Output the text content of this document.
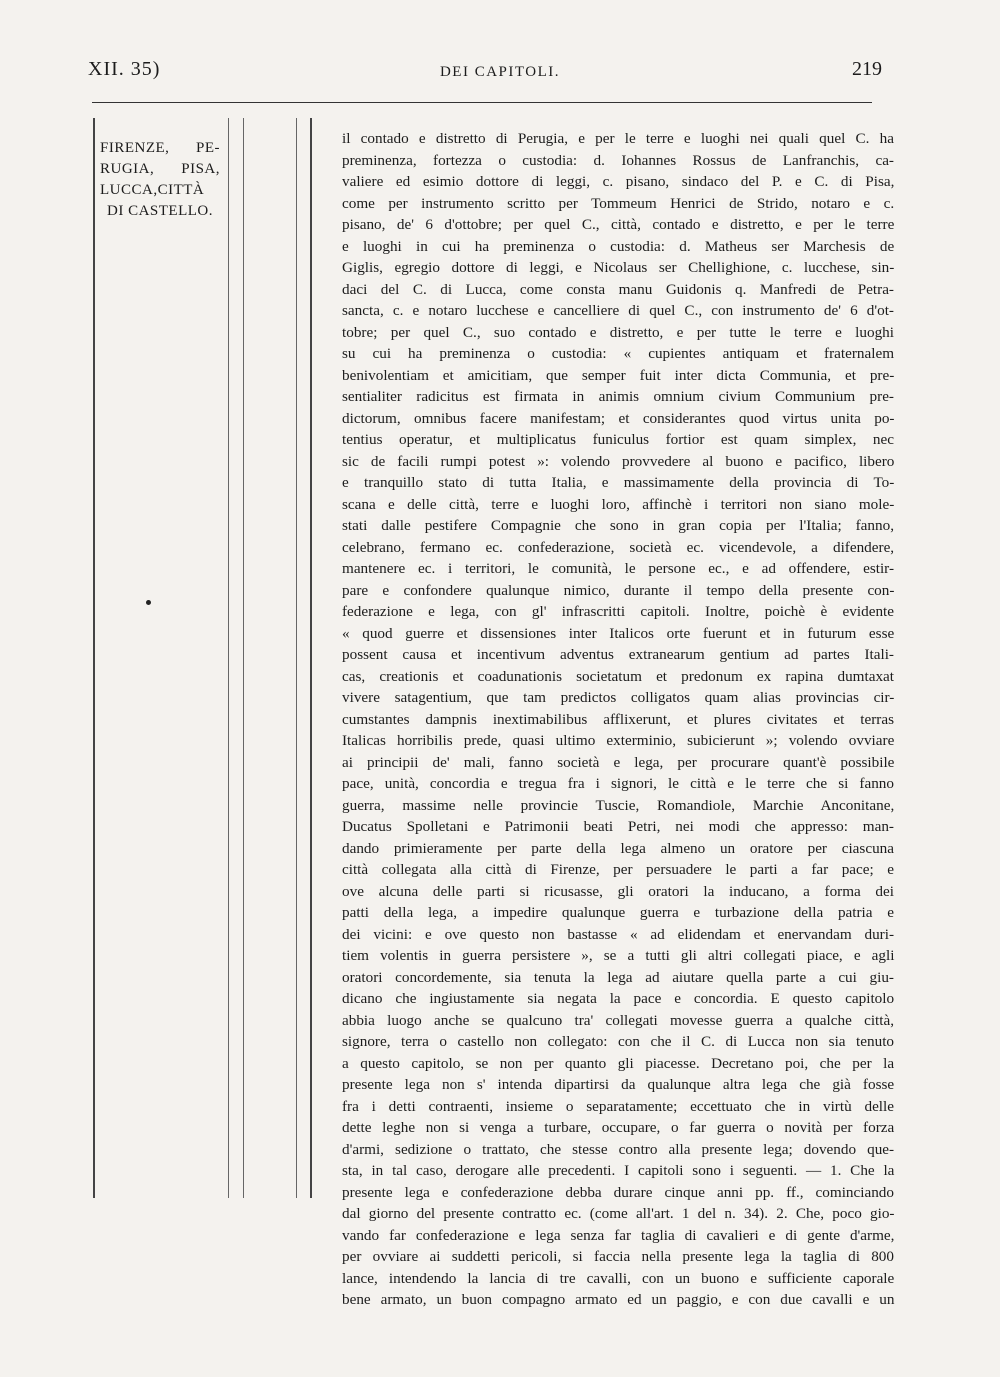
XII. 35)	DEI CAPITOLI.	219
FIRENZE, PE-
RUGIA, PISA,
LUCCA,CITTÀ
DI CASTELLO.
il contado e distretto di Perugia, e per le terre e luoghi nei quali quel C. ha
preminenza, fortezza o custodia: d. Iohannes Rossus de Lanfranchis, ca-
valiere ed esimio dottore di leggi, c. pisano, sindaco del P. e C. di Pisa,
come per instrumento scritto per Tommeum Henrici de Strido, notaro e c.
pisano, de' 6 d'ottobre; per quel C., città, contado e distretto, e per le terre
e luoghi in cui ha preminenza o custodia: d. Matheus ser Marchesis de
Giglis, egregio dottore di leggi, e Nicolaus ser Chellighione, c. lucchese, sin-
daci del C. di Lucca, come consta manu Guidonis q. Manfredi de Petra-
sancta, c. e notaro lucchese e cancelliere di quel C., con instrumento de' 6 d'ot-
tobre; per quel C., suo contado e distretto, e per tutte le terre e luoghi
su cui ha preminenza o custodia: « cupientes antiquam et fraternalem
benivolentiam et amicitiam, que semper fuit inter dicta Communia, et pre-
sentialiter radicitus est firmata in animis omnium civium Communium pre-
dictorum, omnibus facere manifestam; et considerantes quod virtus unita po-
tentius operatur, et multiplicatus funiculus fortior est quam simplex, nec
sic de facili rumpi potest »: volendo provvedere al buono e pacifico, libero
e tranquillo stato di tutta Italia, e massimamente della provincia di To-
scana e delle città, terre e luoghi loro, affinchè i territori non siano mole-
stati dalle pestifere Compagnie che sono in gran copia per l'Italia; fanno,
celebrano, fermano ec. confederazione, società ec. vicendevole, a difendere,
mantenere ec. i territori, le comunità, le persone ec., e ad offendere, estir-
pare e confondere qualunque nimico, durante il tempo della presente con-
federazione e lega, con gl' infrascritti capitoli. Inoltre, poichè è evidente
« quod guerre et dissensiones inter Italicos orte fuerunt et in futurum esse
possent causa et incentivum adventus extranearum gentium ad partes Itali-
cas, creationis et coadunationis societatum et predonum ex rapina dumtaxat
vivere satagentium, que tam predictos colligatos quam alias provincias cir-
cumstantes dampnis inextimabilibus afflixerunt, et plures civitates et terras
Italicas horribilis prede, quasi ultimo exterminio, subicierunt »; volendo ovviare
ai principii de' mali, fanno società e lega, per procurare quant'è possibile
pace, unità, concordia e tregua fra i signori, le città e le terre che si fanno
guerra, massime nelle provincie Tuscie, Romandiole, Marchie Anconitane,
Ducatus Spolletani e Patrimonii beati Petri, nei modi che appresso: man-
dando primieramente per parte della lega almeno un oratore per ciascuna
città collegata alla città di Firenze, per persuadere le parti a far pace; e
ove alcuna delle parti si ricusasse, gli oratori la inducano, a forma dei
patti della lega, a impedire qualunque guerra e turbazione della patria e
dei vicini: e ove questo non bastasse « ad elidendam et enervandam duri-
tiem volentis in guerra persistere », se a tutti gli altri collegati piace, e agli
oratori concordemente, sia tenuta la lega ad aiutare quella parte a cui giu-
dicano che ingiustamente sia negata la pace e concordia. E questo capitolo
abbia luogo anche se qualcuno tra' collegati movesse guerra a qualche città,
signore, terra o castello non collegato: con che il C. di Lucca non sia tenuto
a questo capitolo, se non per quanto gli piacesse. Decretano poi, che per la
presente lega non s' intenda dipartirsi da qualunque altra lega che già fosse
fra i detti contraenti, insieme o separatamente; eccettuato che in virtù delle
dette leghe non si venga a turbare, occupare, o far guerra o novità per forza
d'armi, sedizione o trattato, che stesse contro alla presente lega; dovendo que-
sta, in tal caso, derogare alle precedenti. I capitoli sono i seguenti. — 1. Che la
presente lega e confederazione debba durare cinque anni pp. ff., cominciando
dal giorno del presente contratto ec. (come all'art. 1 del n. 34). 2. Che, poco gio-
vando far confederazione e lega senza far taglia di cavalieri e di gente d'arme,
per ovviare ai suddetti pericoli, si faccia nella presente lega la taglia di 800
lance, intendendo la lancia di tre cavalli, con un buono e sufficiente caporale
bene armato, un buon compagno armato ed un paggio, e con due cavalli e un
